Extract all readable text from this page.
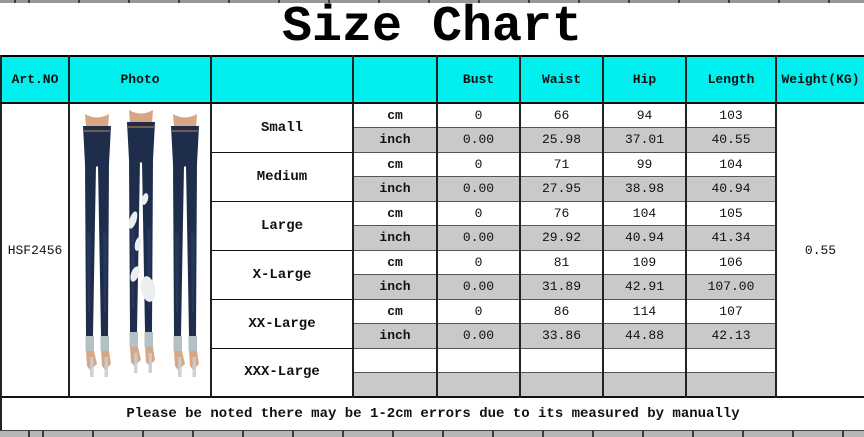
Size Chart
Art.NO	Photo			Bust	Waist	Hip	Length	Weight(KG)
HSF2456		Small	cm	0	66	94	103	0.55
			inch	0.00	25.98	37.01	40.55	
		Medium	cm	0	71	99	104	
			inch	0.00	27.95	38.98	40.94	
		Large	cm	0	76	104	105	
			inch	0.00	29.92	40.94	41.34	
		X-Large	cm	0	81	109	106	
			inch	0.00	31.89	42.91	107.00	
		XX-Large	cm	0	86	114	107	
			inch	0.00	33.86	44.88	42.13	
		XXX-Large						

Please be noted there may be 1-2cm errors due to its measured by manually								
